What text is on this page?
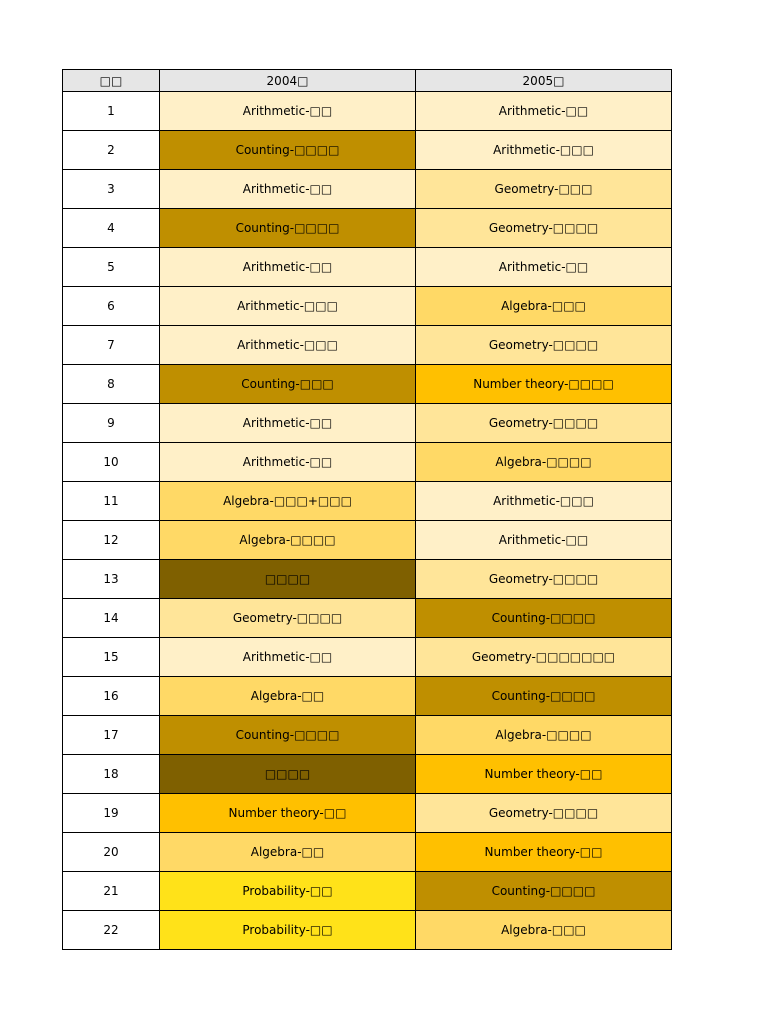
□□	2004□	2005□
1	Arithmetic-□□	Arithmetic-□□
2	Counting-□□□□	Arithmetic-□□□
3	Arithmetic-□□	Geometry-□□□
4	Counting-□□□□	Geometry-□□□□
5	Arithmetic-□□	Arithmetic-□□
6	Arithmetic-□□□	Algebra-□□□
7	Arithmetic-□□□	Geometry-□□□□
8	Counting-□□□	Number theory-□□□□
9	Arithmetic-□□	Geometry-□□□□
10	Arithmetic-□□	Algebra-□□□□
11	Algebra-□□□+□□□	Arithmetic-□□□
12	Algebra-□□□□	Arithmetic-□□
13	□□□□	Geometry-□□□□
14	Geometry-□□□□	Counting-□□□□
15	Arithmetic-□□	Geometry-□□□□□□□
16	Algebra-□□	Counting-□□□□
17	Counting-□□□□	Algebra-□□□□
18	□□□□	Number theory-□□
19	Number theory-□□	Geometry-□□□□
20	Algebra-□□	Number theory-□□
21	Probability-□□	Counting-□□□□
22	Probability-□□	Algebra-□□□
